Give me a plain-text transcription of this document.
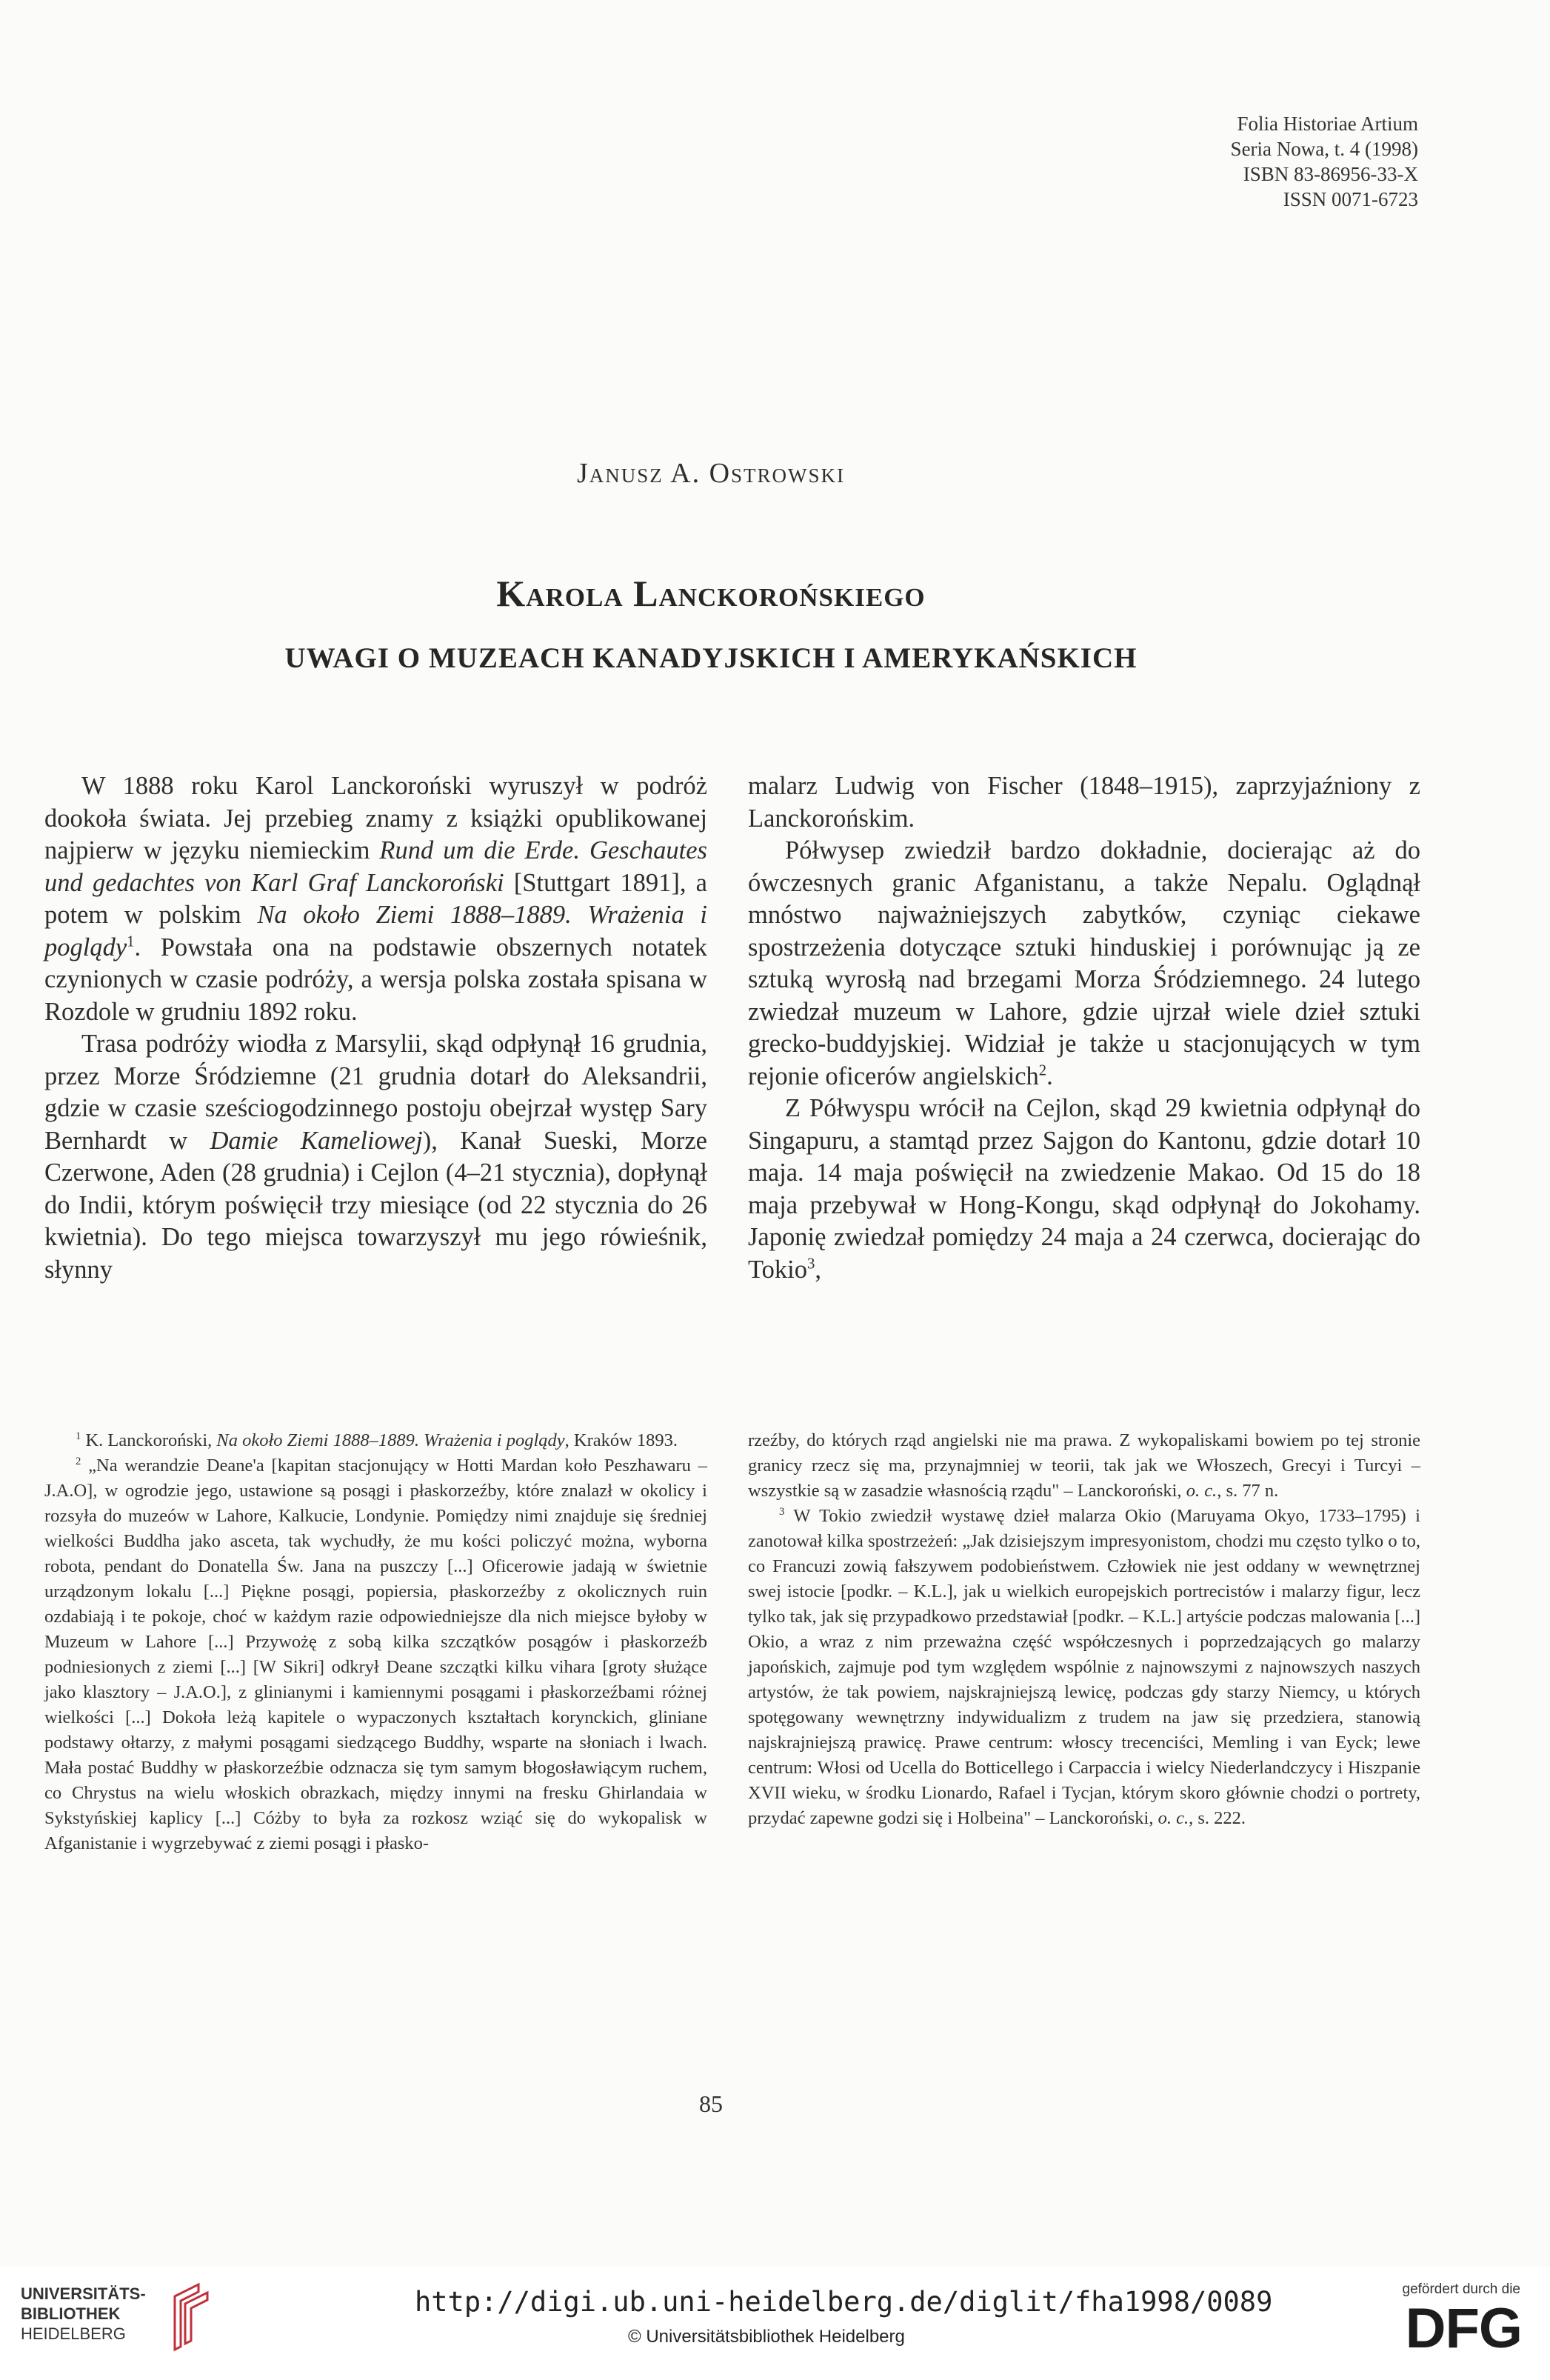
Folia Historiae Artium
Seria Nowa, t. 4 (1998)
ISBN 83-86956-33-X
ISSN 0071-6723
Janusz A. Ostrowski
Karola Lanckorońskiego
UWAGI O MUZEACH KANADYJSKICH I AMERYKAŃSKICH

W 1888 roku Karol Lanckoroński wyruszył w podróż dookoła świata. Jej przebieg znamy z książki opublikowanej najpierw w języku niemieckim Rund um die Erde. Geschautes und gedachtes von Karl Graf Lanckoroński [Stuttgart 1891], a potem w polskim Na około Ziemi 1888–1889. Wrażenia i poglądy$^1$. Powstała ona na podstawie obszernych notatek czynionych w czasie podróży, a wersja polska została spisana w Rozdole w grudniu 1892 roku.

Trasa podróży wiodła z Marsylii, skąd odpłynął 16 grudnia, przez Morze Śródziemne (21 grudnia dotarł do Aleksandrii, gdzie w czasie sześciogodzinnego postoju obejrzał występ Sary Bernhardt w Damie Kameliowej), Kanał Sueski, Morze Czerwone, Aden (28 grudnia) i Cejlon (4–21 stycznia), dopłynął do Indii, którym poświęcił trzy miesiące (od 22 stycznia do 26 kwietnia). Do tego miejsca towarzyszył mu jego rówieśnik, słynny

malarz Ludwig von Fischer (1848–1915), zaprzyjaźniony z Lanckorońskim.

Półwysep zwiedził bardzo dokładnie, docierając aż do ówczesnych granic Afganistanu, a także Nepalu. Oglądnął mnóstwo najważniejszych zabytków, czyniąc ciekawe spostrzeżenia dotyczące sztuki hinduskiej i porównując ją ze sztuką wyrosłą nad brzegami Morza Śródziemnego. 24 lutego zwiedzał muzeum w Lahore, gdzie ujrzał wiele dzieł sztuki grecko-buddyjskiej. Widział je także u stacjonujących w tym rejonie oficerów angielskich$^2$.

Z Półwyspu wrócił na Cejlon, skąd 29 kwietnia odpłynął do Singapuru, a stamtąd przez Sajgon do Kantonu, gdzie dotarł 10 maja. 14 maja poświęcił na zwiedzenie Makao. Od 15 do 18 maja przebywał w Hong-Kongu, skąd odpłynął do Jokohamy. Japonię zwiedzał pomiędzy 24 maja a 24 czerwca, docierając do Tokio$^3$,

$^1$ K. Lanckoroński, Na około Ziemi 1888–1889. Wrażenia i poglądy, Kraków 1893.

$^2$ „Na werandzie Deane'a [kapitan stacjonujący w Hotti Mardan koło Peszhawaru – J.A.O], w ogrodzie jego, ustawione są posągi i płaskorzeźby, które znalazł w okolicy i rozsyła do muzeów w Lahore, Kalkucie, Londynie. Pomiędzy nimi znajduje się średniej wielkości Buddha jako asceta, tak wychudły, że mu kości policzyć można, wyborna robota, pendant do Donatella Św. Jana na puszczy [...] Oficerowie jadają w świetnie urządzonym lokalu [...] Piękne posągi, popiersia, płaskorzeźby z okolicznych ruin ozdabiają i te pokoje, choć w każdym razie odpowiedniejsze dla nich miejsce byłoby w Muzeum w Lahore [...] Przywożę z sobą kilka szczątków posągów i płaskorzeźb podniesionych z ziemi [...] [W Sikri] odkrył Deane szczątki kilku vihara [groty służące jako klasztory – J.A.O.], z glinianymi i kamiennymi posągami i płaskorzeźbami różnej wielkości [...] Dokoła leżą kapitele o wypaczonych kształtach korynckich, gliniane podstawy ołtarzy, z małymi posągami siedzącego Buddhy, wsparte na słoniach i lwach. Mała postać Buddhy w płaskorzeźbie odznacza się tym samym błogosławiącym ruchem, co Chrystus na wielu włoskich obrazkach, między innymi na fresku Ghirlandaia w Sykstyńskiej kaplicy [...] Cóżby to była za rozkosz wziąć się do wykopalisk w Afganistanie i wygrzebywać z ziemi posągi i płasko-

rzeźby, do których rząd angielski nie ma prawa. Z wykopaliskami bowiem po tej stronie granicy rzecz się ma, przynajmniej w teorii, tak jak we Włoszech, Grecyi i Turcyi – wszystkie są w zasadzie własnością rządu" – Lanckoroński, o. c., s. 77 n.

$^3$ W Tokio zwiedził wystawę dzieł malarza Okio (Maruyama Okyo, 1733–1795) i zanotował kilka spostrzeżeń: „Jak dzisiejszym impresyonistom, chodzi mu często tylko o to, co Francuzi zowią fałszywem podobieństwem. Człowiek nie jest oddany w wewnętrznej swej istocie [podkr. – K.L.], jak u wielkich europejskich portrecistów i malarzy figur, lecz tylko tak, jak się przypadkowo przedstawiał [podkr. – K.L.] artyście podczas malowania [...] Okio, a wraz z nim przeważna część współczesnych i poprzedzających go malarzy japońskich, zajmuje pod tym względem wspólnie z najnowszymi z najnowszych naszych artystów, że tak powiem, najskrajniejszą lewicę, podczas gdy starzy Niemcy, u których spotęgowany wewnętrzny indywidualizm z trudem na jaw się przedziera, stanowią najskrajniejszą prawicę. Prawe centrum: włoscy trecenciści, Memling i van Eyck; lewe centrum: Włosi od Ucella do Botticellego i Carpaccia i wielcy Niederlandczycy i Hiszpanie XVII wieku, w środku Lionardo, Rafael i Tycjan, którym skoro głównie chodzi o portrety, przydać zapewne godzi się i Holbeina" – Lanckoroński, o. c., s. 222.

85
UNIVERSITÄTS-
BIBLIOTHEK
HEIDELBERG
http://digi.ub.uni-heidelberg.de/diglit/fha1998/0089
© Universitätsbibliothek Heidelberg
gefördert durch die
DFG
